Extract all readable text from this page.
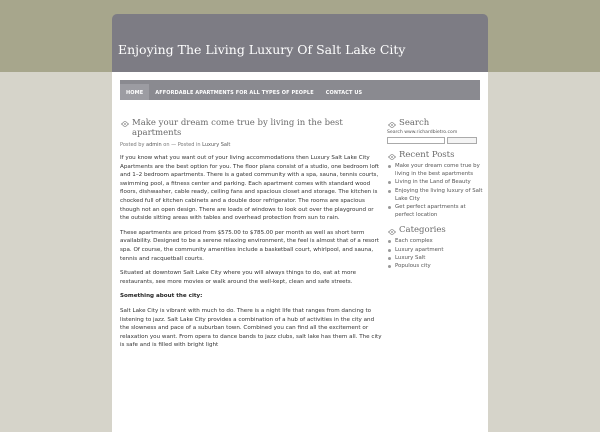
Enjoying The Living Luxury Of Salt Lake City
HOME	AFFORDABLE APARTMENTS FOR ALL TYPES OF PEOPLE	CONTACT US
Make your dream come true by living in the best apartments
Posted by admin on — Posted in Luxury Salt

If you know what you want out of your living accommodations then Luxury Salt Lake City Apartments are the best option for you. The floor plans consist of a studio, one bedroom loft and 1–2 bedroom apartments. There is a gated community with a spa, sauna, tennis courts, swimming pool, a fitness center and parking. Each apartment comes with standard wood floors, dishwasher, cable ready, ceiling fans and spacious closet and storage. The kitchen is chocked full of kitchen cabinets and a double door refrigerator. The rooms are spacious though not an open design. There are loads of windows to look out over the playground or the outside sitting areas with tables and overhead protection from sun to rain.

These apartments are priced from $575.00 to $785.00 per month as well as short term availability. Designed to be a serene relaxing environment, the feel is almost that of a resort spa. Of course, the community amenities include a basketball court, whirlpool, and sauna, tennis and racquetball courts.

Situated at downtown Salt Lake City where you will always things to do, eat at more restaurants, see more movies or walk around the well-kept, clean and safe streets.

Something about the city:

Salt Lake City is vibrant with much to do. There is a night life that ranges from dancing to listening to jazz. Salt Lake City provides a combination of a hub of activities in the city and the slowness and pace of a suburban town. Combined you can find all the excitement or relaxation you want. From opera to dance bands to jazz clubs, salt lake has them all. The city is safe and is filled with bright light

Search
Search www.richardbietro.com
Recent Posts
Make your dream come true by living in the best apartments
Living in the Land of Beauty
Enjoying the living luxury of Salt Lake City
Get perfect apartments at perfect location
Categories
Each complex
Luxury apartment
Luxury Salt
Populous city
